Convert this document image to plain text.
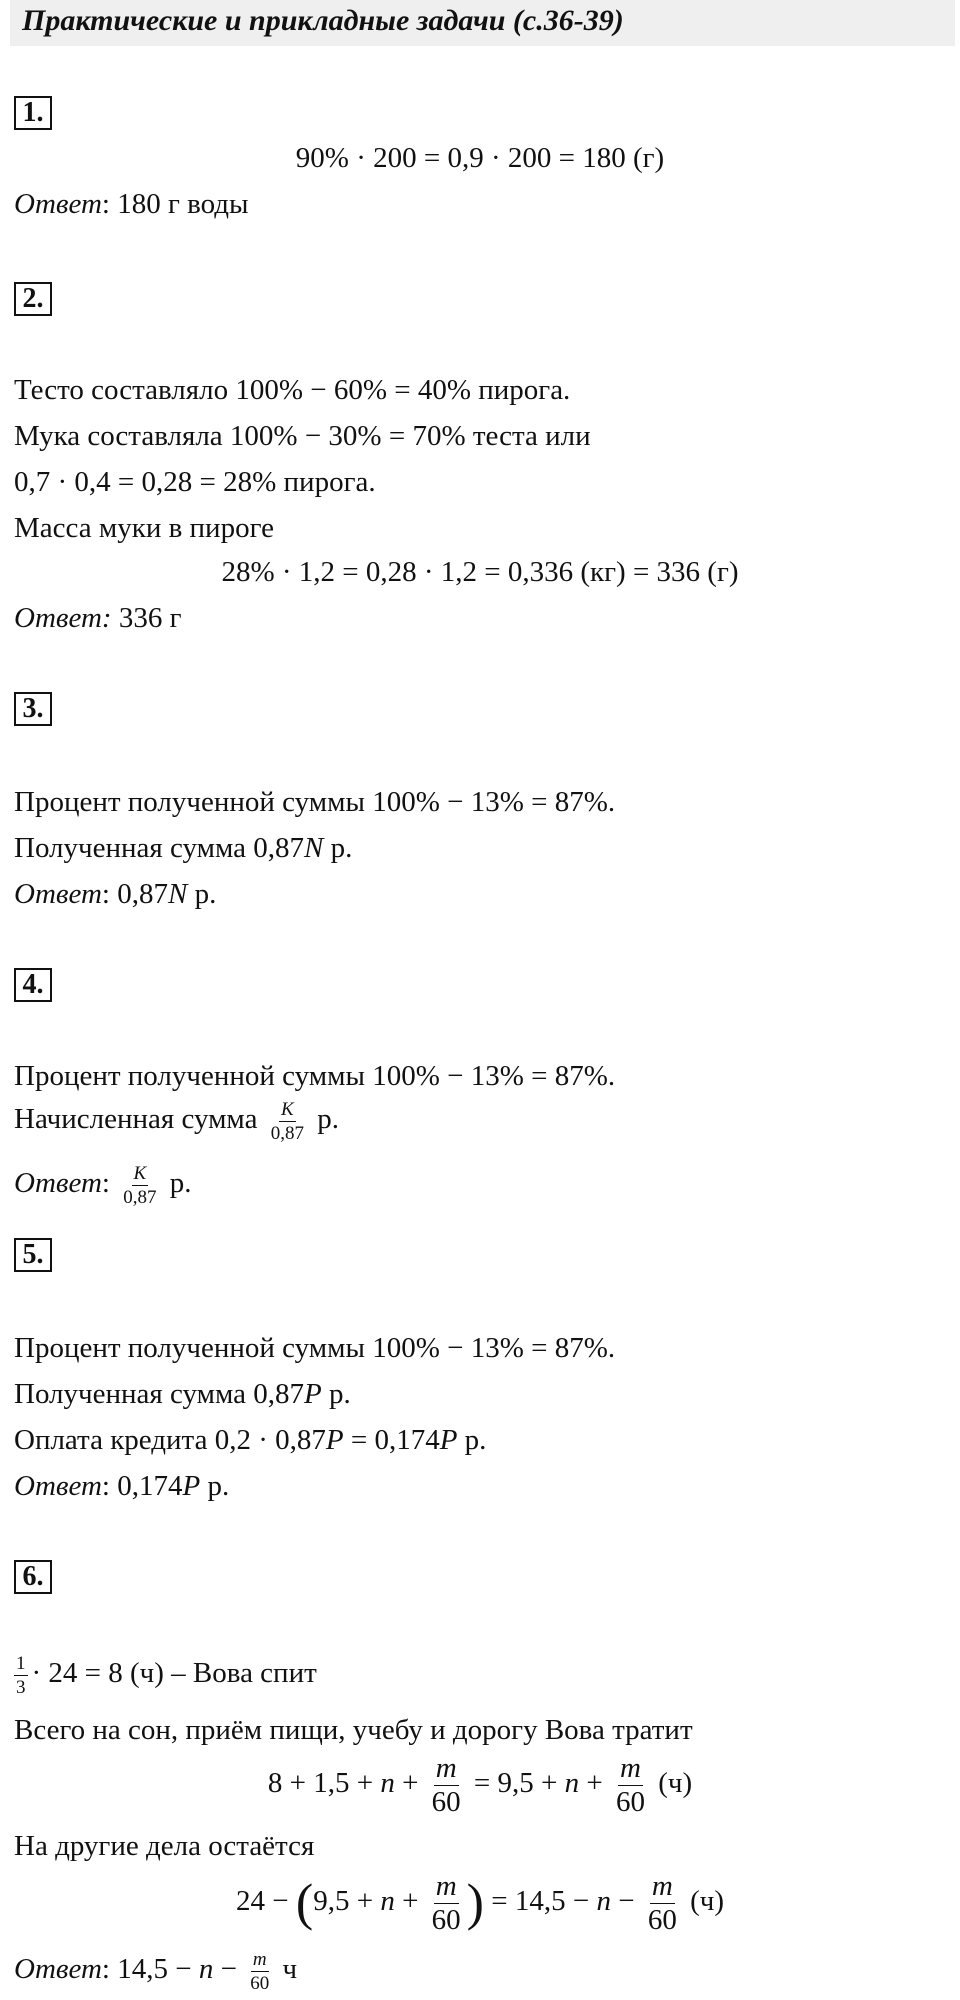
Практические и прикладные задачи (с.36-39)
1.
90% · 200 = 0,9 · 200 = 180 (г)
Ответ: 180 г воды
2.
Тесто составляло 100% − 60% = 40% пирога.
Мука составляла 100% − 30% = 70% теста или
0,7 · 0,4 = 0,28 = 28% пирога.
Масса муки в пироге
28% · 1,2 = 0,28 · 1,2 = 0,336 (кг) = 336 (г)
Ответ: 336 г
3.
Процент полученной суммы 100% − 13% = 87%.
Полученная сумма 0,87N р.
Ответ: 0,87N р.
4.
Процент полученной суммы 100% − 13% = 87%.
Начисленная сумма $\frac{K}{0,87} р$.
Ответ: $\frac{K}{0,87} р$.
5.
Процент полученной суммы 100% − 13% = 87%.
Полученная сумма 0,87P р.
Оплата кредита 0,2 · 0,87P = 0,174P р.
Ответ: 0,174P р.
6.
$\frac{1}{3} \cdot 24 = 8$ (ч) – Вова спит
Всего на сон, приём пищи, учебу и дорогу Вова тратит
$8 + 1,5 + n + \frac{m}{60} = 9,5 + n + \frac{m}{60} (ч)$
На другие дела остаётся
$24 - (9,5 + n + \frac{m}{60}$ ) = $14,5 - n - \frac{m}{60} (ч)$
Ответ: $14,5 - n - \frac{m}{60}$ ч
